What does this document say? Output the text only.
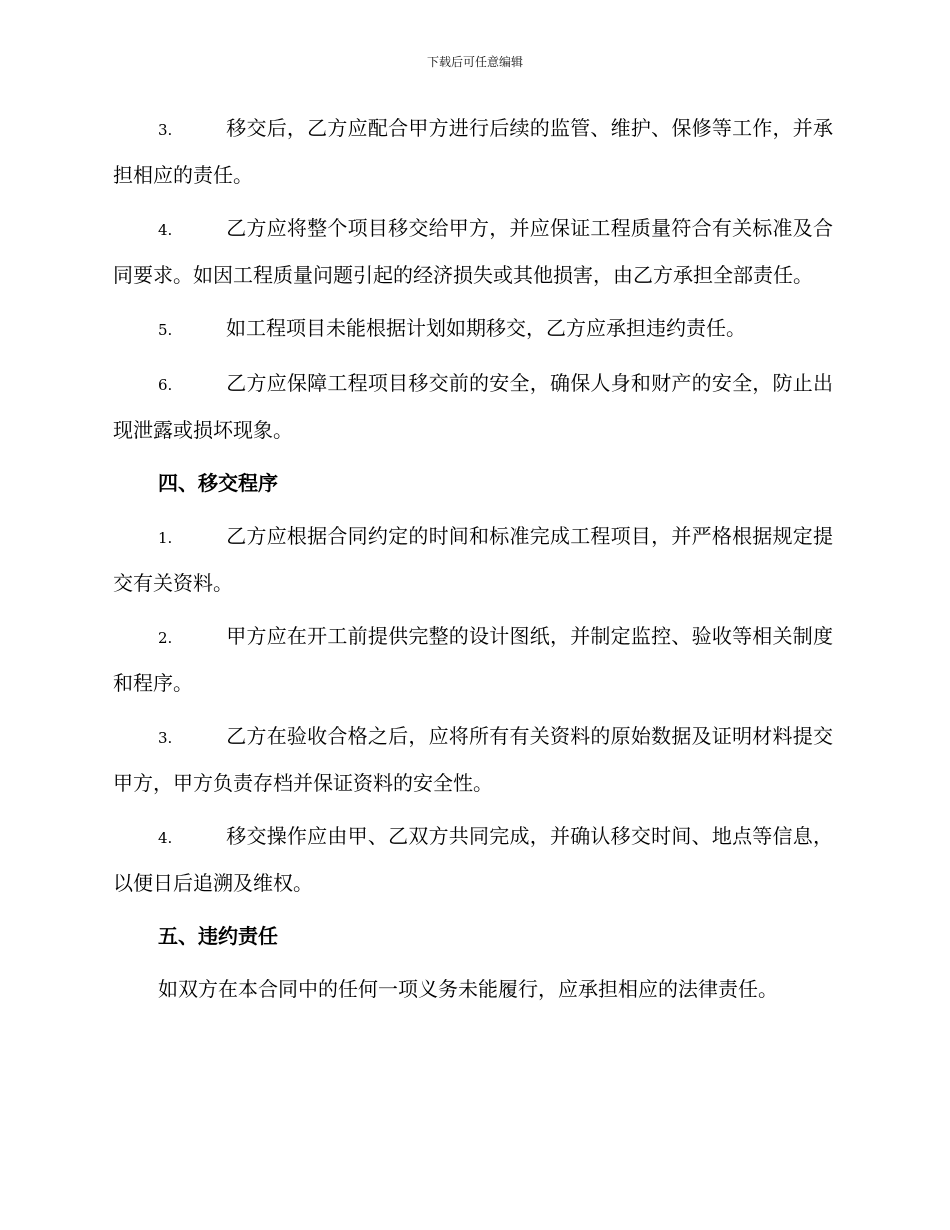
下载后可任意编辑

3.	移交后，乙方应配合甲方进行后续的监管、维护、保修等工作，并承担相应的责任。

4.	乙方应将整个项目移交给甲方，并应保证工程质量符合有关标准及合同要求。如因工程质量问题引起的经济损失或其他损害，由乙方承担全部责任。

5.	如工程项目未能根据计划如期移交，乙方应承担违约责任。

6.	乙方应保障工程项目移交前的安全，确保人身和财产的安全，防止出现泄露或损坏现象。

四、移交程序

1.	乙方应根据合同约定的时间和标准完成工程项目，并严格根据规定提交有关资料。

2.	甲方应在开工前提供完整的设计图纸，并制定监控、验收等相关制度和程序。

3.	乙方在验收合格之后，应将所有有关资料的原始数据及证明材料提交甲方，甲方负责存档并保证资料的安全性。

4.	移交操作应由甲、乙双方共同完成，并确认移交时间、地点等信息，以便日后追溯及维权。

五、违约责任

如双方在本合同中的任何一项义务未能履行，应承担相应的法律责任。
